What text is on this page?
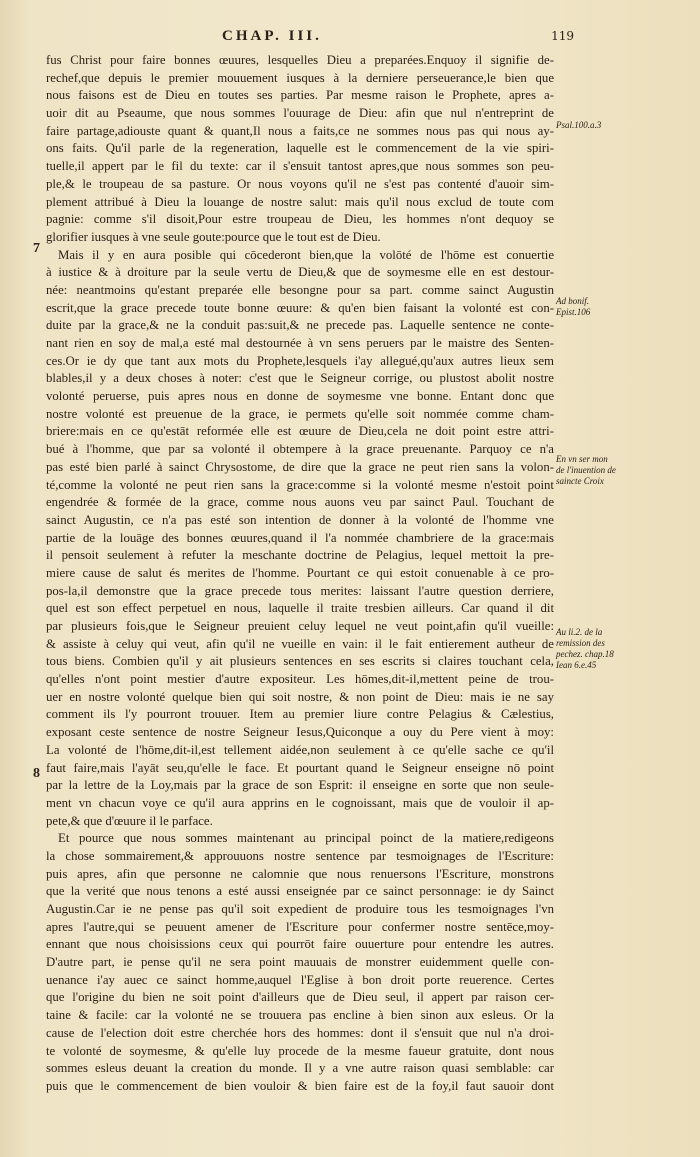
CHAP. III.	119
7
8
Psal.100.a.3
Ad bonif. Epist.106
En vn ser mon de l'inuention de saincte Croix
Au li.2. de la remission des pechez. chap.18 Iean 6.e.45
fus Christ pour faire bonnes œuures, lesquelles Dieu a preparées.Enquoy il signifie de-
rechef,que depuis le premier mouuement iusques à la derniere perseuerance,le bien que
nous faisons est de Dieu en toutes ses parties. Par mesme raison le Prophete, apres a-
uoir dit au Pseaume, que nous sommes l'ouurage de Dieu: afin que nul n'entreprint de
faire partage,adiouste quant & quant,Il nous a faits,ce ne sommes nous pas qui nous ay-
ons faits. Qu'il parle de la regeneration, laquelle est le commencement de la vie spiri-
tuelle,il appert par le fil du texte: car il s'ensuit tantost apres,que nous sommes son peu-
ple,& le troupeau de sa pasture. Or nous voyons qu'il ne s'est pas contenté d'auoir sim-
plement attribué à Dieu la louange de nostre salut: mais qu'il nous exclud de toute com
pagnie: comme s'il disoit,Pour estre troupeau de Dieu, les hommes n'ont dequoy se
glorifier iusques à vne seule goute:pource que le tout est de Dieu.
Mais il y en aura posible qui cōcederont bien,que la volōté de l'hōme est conuertie
à iustice & à droiture par la seule vertu de Dieu,& que de soymesme elle en est destour-
née: neantmoins qu'estant preparée elle besongne pour sa part. comme sainct Augustin
escrit,que la grace precede toute bonne œuure: & qu'en bien faisant la volonté est con-
duite par la grace,& ne la conduit pas:suit,& ne precede pas. Laquelle sentence ne conte-
nant rien en soy de mal,a esté mal destournée à vn sens peruers par le maistre des Senten-
ces.Or ie dy que tant aux mots du Prophete,lesquels i'ay allegué,qu'aux autres lieux sem
blables,il y a deux choses à noter: c'est que le Seigneur corrige, ou plustost abolit nostre
volonté peruerse, puis apres nous en donne de soymesme vne bonne. Entant donc que
nostre volonté est preuenue de la grace, ie permets qu'elle soit nommée comme cham-
briere:mais en ce qu'estāt reformée elle est œuure de Dieu,cela ne doit point estre attri-
bué à l'homme, que par sa volonté il obtempere à la grace preuenante. Parquoy ce n'a
pas esté bien parlé à sainct Chrysostome, de dire que la grace ne peut rien sans la volon-
té,comme la volonté ne peut rien sans la grace:comme si la volonté mesme n'estoit point
engendrée & formée de la grace, comme nous auons veu par sainct Paul. Touchant de
sainct Augustin, ce n'a pas esté son intention de donner à la volonté de l'homme vne
partie de la louāge des bonnes œuures,quand il l'a nommée chambriere de la grace:mais
il pensoit seulement à refuter la meschante doctrine de Pelagius, lequel mettoit la pre-
miere cause de salut és merites de l'homme. Pourtant ce qui estoit conuenable à ce pro-
pos-la,il demonstre que la grace precede tous merites: laissant l'autre question derriere,
quel est son effect perpetuel en nous, laquelle il traite tresbien ailleurs. Car quand il dit
par plusieurs fois,que le Seigneur preuient celuy lequel ne veut point,afin qu'il vueille:
& assiste à celuy qui veut, afin qu'il ne vueille en vain: il le fait entierement autheur de
tous biens. Combien qu'il y ait plusieurs sentences en ses escrits si claires touchant cela,
qu'elles n'ont point mestier d'autre expositeur. Les hōmes,dit-il,mettent peine de trou-
uer en nostre volonté quelque bien qui soit nostre, & non point de Dieu: mais ie ne say
comment ils l'y pourront trouuer. Item au premier liure contre Pelagius & Cælestius,
exposant ceste sentence de nostre Seigneur Iesus,Quiconque a ouy du Pere vient à moy:
La volonté de l'hōme,dit-il,est tellement aidée,non seulement à ce qu'elle sache ce qu'il
faut faire,mais l'ayāt seu,qu'elle le face. Et pourtant quand le Seigneur enseigne nō point
par la lettre de la Loy,mais par la grace de son Esprit: il enseigne en sorte que non seule-
ment vn chacun voye ce qu'il aura apprins en le cognoissant, mais que de vouloir il ap-
pete,& que d'œuure il le parface.
Et pource que nous sommes maintenant au principal poinct de la matiere,redigeons
la chose sommairement,& approuuons nostre sentence par tesmoignages de l'Escriture:
puis apres, afin que personne ne calomnie que nous renuersons l'Escriture, monstrons
que la verité que nous tenons a esté aussi enseignée par ce sainct personnage: ie dy Sainct
Augustin.Car ie ne pense pas qu'il soit expedient de produire tous les tesmoignages l'vn
apres l'autre,qui se peuuent amener de l'Escriture pour confermer nostre sentēce,moy-
ennant que nous choisissions ceux qui pourrōt faire ouuerture pour entendre les autres.
D'autre part, ie pense qu'il ne sera point mauuais de monstrer euidemment quelle con-
uenance i'ay auec ce sainct homme,auquel l'Eglise à bon droit porte reuerence. Certes
que l'origine du bien ne soit point d'ailleurs que de Dieu seul, il appert par raison cer-
taine & facile: car la volonté ne se trouuera pas encline à bien sinon aux esleus. Or la
cause de l'election doit estre cherchée hors des hommes: dont il s'ensuit que nul n'a droi-
te volonté de soymesme, & qu'elle luy procede de la mesme faueur gratuite, dont nous
sommes esleus deuant la creation du monde. Il y a vne autre raison quasi semblable: car
puis que le commencement de bien vouloir & bien faire est de la foy,il faut sauoir dont
